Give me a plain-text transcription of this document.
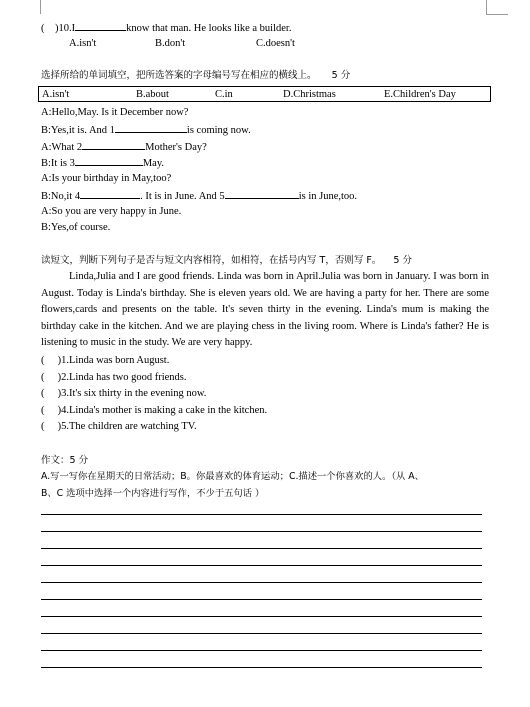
( )10.I	know that man. He looks like a builder.
A.isn't	B.don't	C.doesn't
选择所给的单词填空，把所选答案的字母编号写在相应的横线上。 5 分
A.isn't	B.about	C.in	D.Christmas	E.Children's Day
A:Hello,May. Is it December now?
B:Yes,it is. And 1	is coming now.
A:What 2	Mother's Day?
B:It is 3	May.
A:Is your birthday in May,too?
B:No,it 4	. It is in June. And 5	is in June,too.
A:So you are very happy in June.
B:Yes,of course.
读短文，判断下列句子是否与短文内容相符，如相符，在括号内写 T，否则写 F。 5 分
Linda,Julia and I are good friends. Linda was born in April.Julia was born in January. I was born in August. Today is Linda's birthday. She is eleven years old. We are having a party for her. There are some flowers,cards and presents on the table. It's seven thirty in the evening. Linda's mum is making the birthday cake in the kitchen. And we are playing chess in the living room. Where is Linda's father? He is listening to music in the study. We are very happy.
(     )1.Linda was born August.
(     )2.Linda has two good friends.
(     )3.It's six thirty in the evening now.
(     )4.Linda's mother is making a cake in the kitchen.
(     )5.The children are watching TV.
作文：5 分
A.写一写你在星期天的日常活动；B。你最喜欢的体育运动；C.描述一个你喜欢的人。（从 A、
B、C 选项中选择一个内容进行写作，不少于五句话 ）
